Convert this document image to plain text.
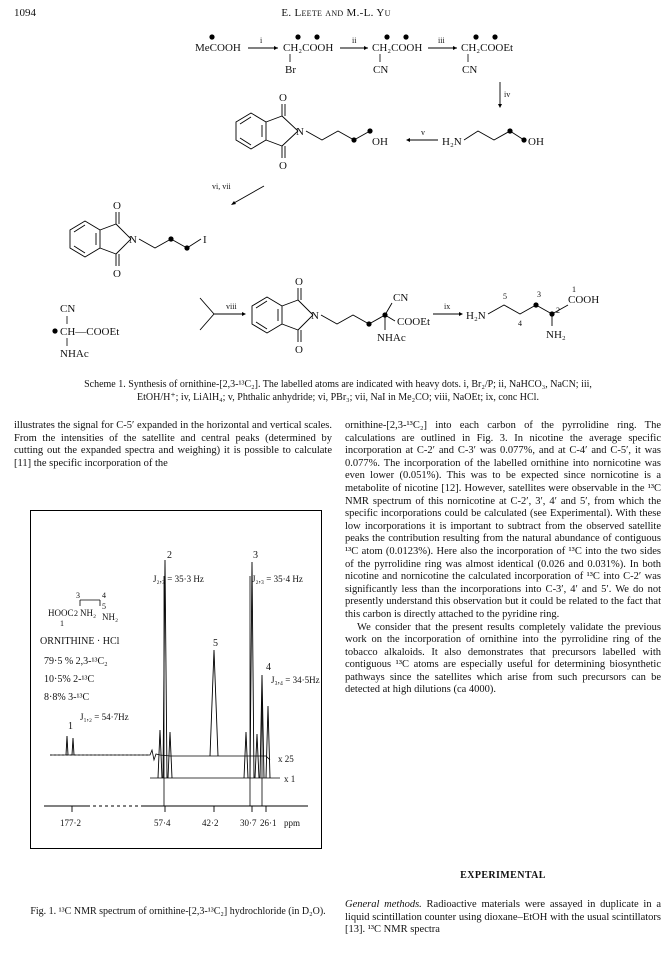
1094	E. Leete and M.-L. Yu
MeCOOH
i
CH₂COOH
Br
ii
CH₂COOH
CN
iii
CH₂COOEt
CN
iv
O
O
N
OH
v
H₂N	OH
vi, vii
O
O
N	I
CN
CH—COOEt
NHAc
viii
O
O
N
CN
COOEt
NHAc
ix
H₂N
5
4
3
2
1
COOH
NH₂
Scheme 1. Synthesis of ornithine-[2,3-¹³C₂]. The labelled atoms are indicated with heavy dots. i, Br₂/P; ii, NaHCO₃, NaCN; iii, EtOH/H⁺; iv, LiAlH₄; v, Phthalic anhydride; vi, PBr₃; vii, NaI in Me₂CO; viii, NaOEt; ix, conc HCl.

illustrates the signal for C-5′ expanded in the horizontal and vertical scales. From the intensities of the satellite and central peaks (determined by cutting out the expanded spectra and weighing) it is possible to calculate [11] the specific incorporation of the

3	4
5
HOOC 2 NH₂ NH₂
1
ORNITHINE · HCl
79·5 % 2,3-¹³C₂
10·5% 2-¹³C
8·8% 3-¹³C
2	3
5
4
1
J₂,₃ = 35·3 Hz	J₂,₃ = 35·4 Hz
J₃,₄ = 34·5Hz
J₁,₂ = 54·7Hz
x 25
x 1
177·2	57·4	42·2 30·7 26·1 ppm
Fig. 1. ¹³C NMR spectrum of ornithine-[2,3-¹³C₂] hydrochloride (in D₂O).

ornithine-[2,3-¹³C₂] into each carbon of the pyrrolidine ring. The calculations are outlined in Fig. 3. In nicotine the average specific incorporation at C-2′ and C-3′ was 0.077%, and at C-4′ and C-5′, it was 0.077%. The incorporation of the labelled ornithine into nornicotine was even lower (0.051%). This was to be expected since nornicotine is a metabolite of nicotine [12]. However, satellites were observable in the ¹³C NMR spectrum of this nornicotine at C-2′, 3′, 4′ and 5′, from which the specific incorporations could be calculated (see Experimental). With these low incorporations it is important to subtract from the observed satellite peaks the contribution resulting from the natural abundance of contiguous ¹³C atom (0.0123%). Here also the incorporation of ¹³C into the two sides of the pyrrolidine ring was almost identical (0.026 and 0.031%). In both nicotine and nornicotine the calculated incorporation of ¹³C into C-2′ was significantly less than the incorporations into C-3′, 4′ and 5′. We do not presently understand this observation but it could be related to the fact that this carbon is directly attached to the pyridine ring.

We consider that the present results completely validate the previous work on the incorporation of ornithine into the pyrrolidine ring of the tobacco alkaloids. It also demonstrates that precursors labelled with contiguous ¹³C atoms are especially useful for determining biosynthetic pathways since the satellites which arise from such precursors can be detected at high dilutions (ca 4000).

EXPERIMENTAL
General methods. Radioactive materials were assayed in duplicate in a liquid scintillation counter using dioxane–EtOH with the usual scintillators [13]. ¹³C NMR spectra
